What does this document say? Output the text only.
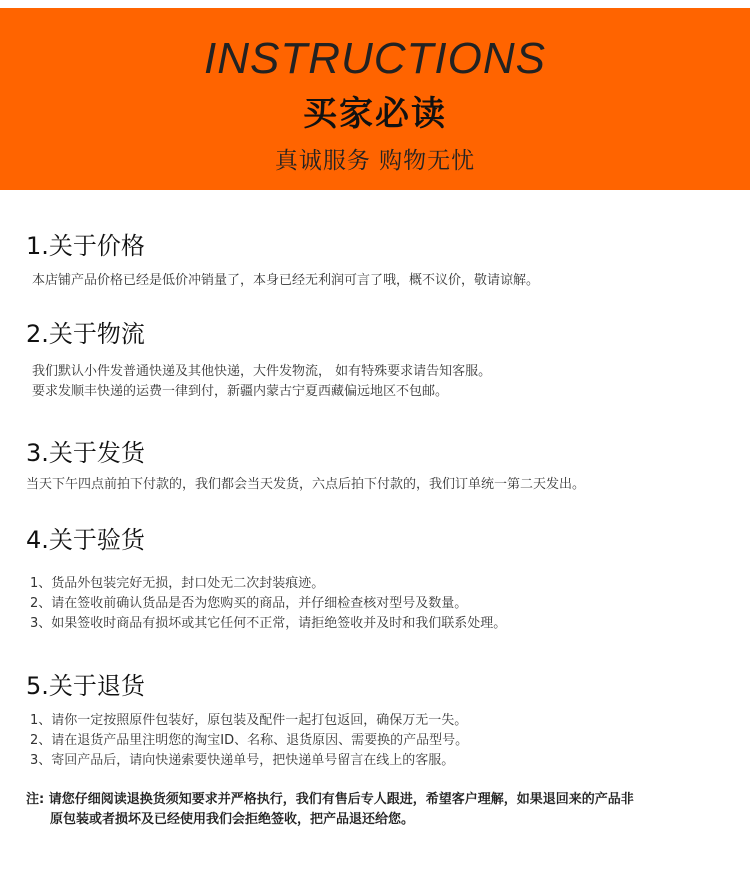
INSTRUCTIONS
买家必读
真诚服务 购物无忧
1.关于价格
本店铺产品价格已经是低价冲销量了，本身已经无利润可言了哦，概不议价，敬请谅解。
2.关于物流
我们默认小件发普通快递及其他快递，大件发物流， 如有特殊要求请告知客服。
要求发顺丰快递的运费一律到付，新疆内蒙古宁夏西藏偏远地区不包邮。
3.关于发货
当天下午四点前拍下付款的，我们都会当天发货，六点后拍下付款的，我们订单统一第二天发出。
4.关于验货
1、货品外包装完好无损，封口处无二次封装痕迹。
2、请在签收前确认货品是否为您购买的商品，并仔细检查核对型号及数量。
3、如果签收时商品有损坏或其它任何不正常，请拒绝签收并及时和我们联系处理。
5.关于退货
1、请你一定按照原件包装好，原包装及配件一起打包返回，确保万无一失。
2、请在退货产品里注明您的淘宝ID、名称、退货原因、需要换的产品型号。
3、寄回产品后，请向快递索要快递单号，把快递单号留言在线上的客服。
注: 请您仔细阅读退换货须知要求并严格执行，我们有售后专人跟进，希望客户理解，如果退回来的产品非
原包装或者损坏及已经使用我们会拒绝签收，把产品退还给您。
